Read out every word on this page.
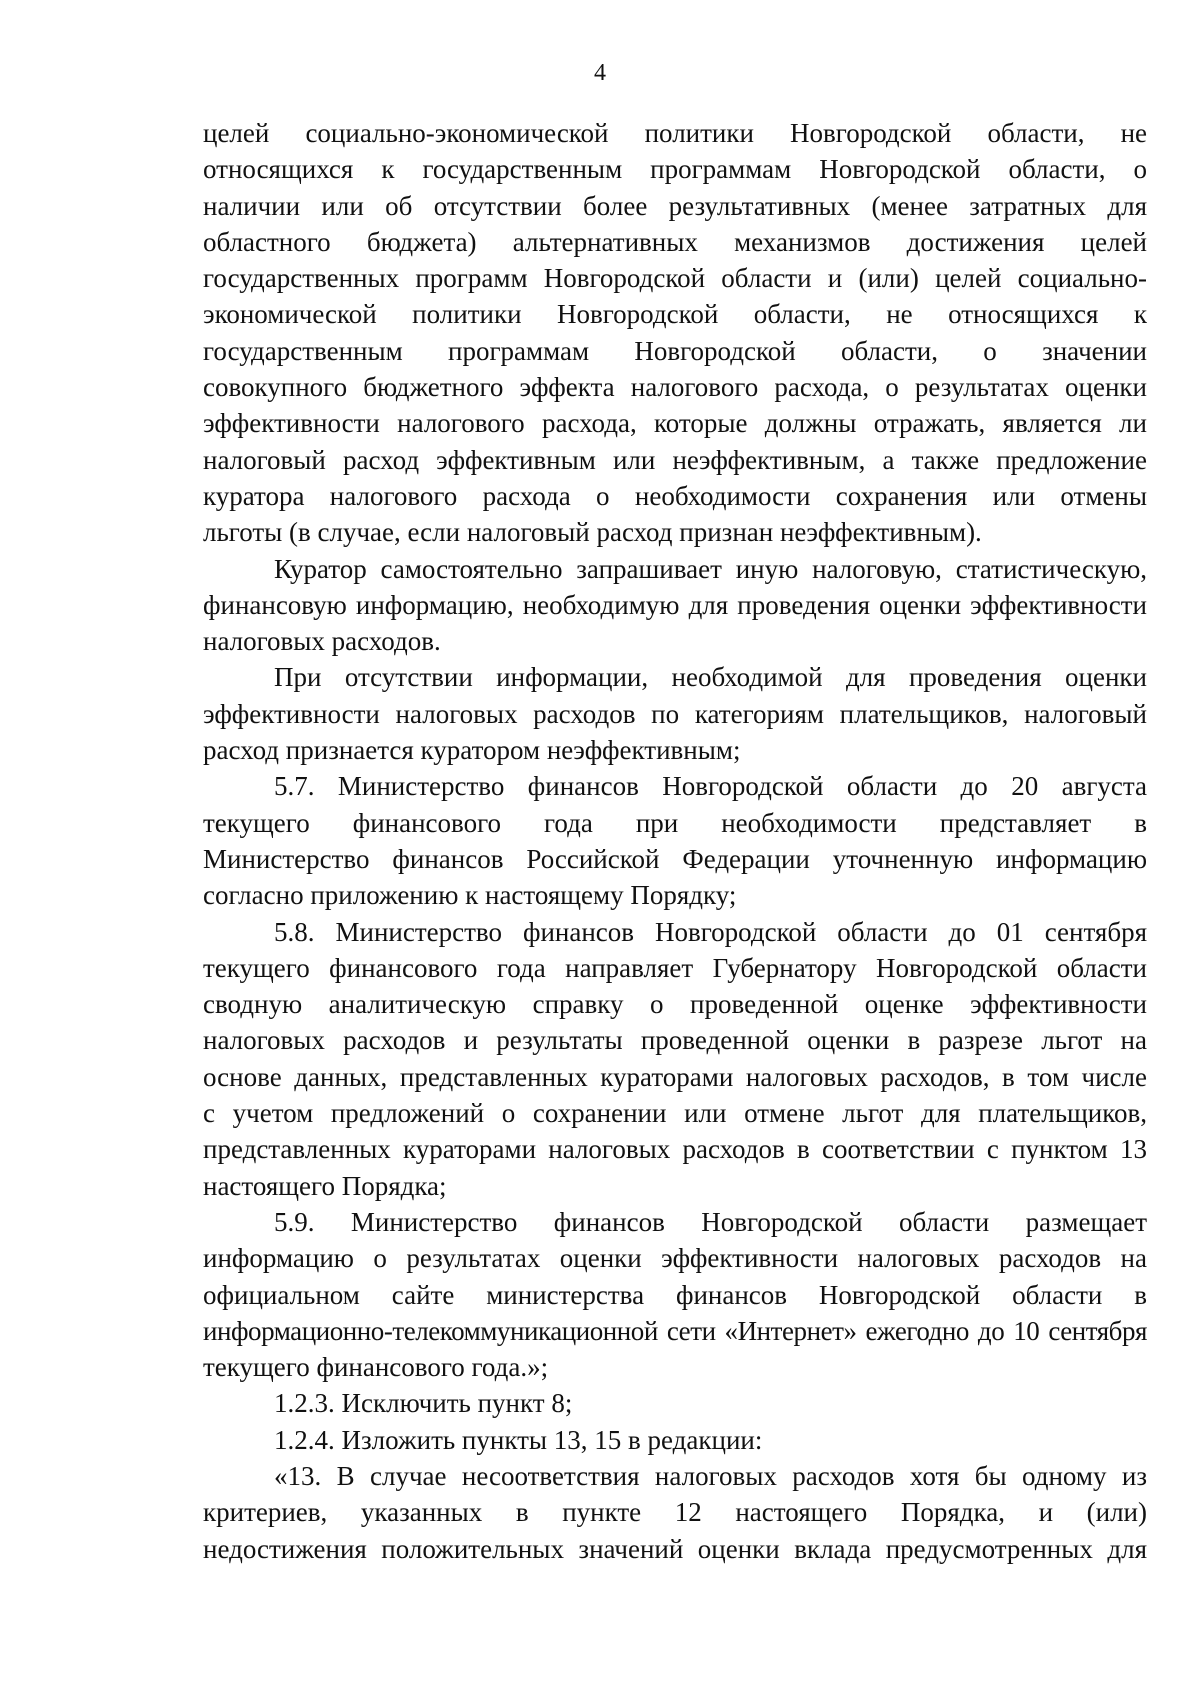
4

целей социально-экономической политики Новгородской области, не
относящихся к государственным программам Новгородской области, о
наличии или об отсутствии более результативных (менее затратных для
областного бюджета) альтернативных механизмов достижения целей
государственных программ Новгородской области и (или) целей социально-
экономической политики Новгородской области, не относящихся к
государственным программам Новгородской области, о значении
совокупного бюджетного эффекта налогового расхода, о результатах оценки
эффективности налогового расхода, которые должны отражать, является ли
налоговый расход эффективным или неэффективным, а также предложение
куратора налогового расхода о необходимости сохранения или отмены
льготы (в случае, если налоговый расход признан неэффективным).

Куратор самостоятельно запрашивает иную налоговую, статистическую,
финансовую информацию, необходимую для проведения оценки эффективности
налоговых расходов.

При отсутствии информации, необходимой для проведения оценки
эффективности налоговых расходов по категориям плательщиков, налоговый
расход признается куратором неэффективным;

5.7. Министерство финансов Новгородской области до 20 августа
текущего финансового года при необходимости представляет в
Министерство финансов Российской Федерации уточненную информацию
согласно приложению к настоящему Порядку;

5.8. Министерство финансов Новгородской области до 01 сентября
текущего финансового года направляет Губернатору Новгородской области
сводную аналитическую справку о проведенной оценке эффективности
налоговых расходов и результаты проведенной оценки в разрезе льгот на
основе данных, представленных кураторами налоговых расходов, в том числе
с учетом предложений о сохранении или отмене льгот для плательщиков,
представленных кураторами налоговых расходов в соответствии с пунктом 13
настоящего Порядка;

5.9. Министерство финансов Новгородской области размещает
информацию о результатах оценки эффективности налоговых расходов на
официальном сайте министерства финансов Новгородской области в
информационно-телекоммуникационной сети «Интернет» ежегодно до 10 сентября
текущего финансового года.»;

1.2.3. Исключить пункт 8;

1.2.4. Изложить пункты 13, 15 в редакции:

«13. В случае несоответствия налоговых расходов хотя бы одному из
критериев, указанных в пункте 12 настоящего Порядка, и (или)
недостижения положительных значений оценки вклада предусмотренных для
